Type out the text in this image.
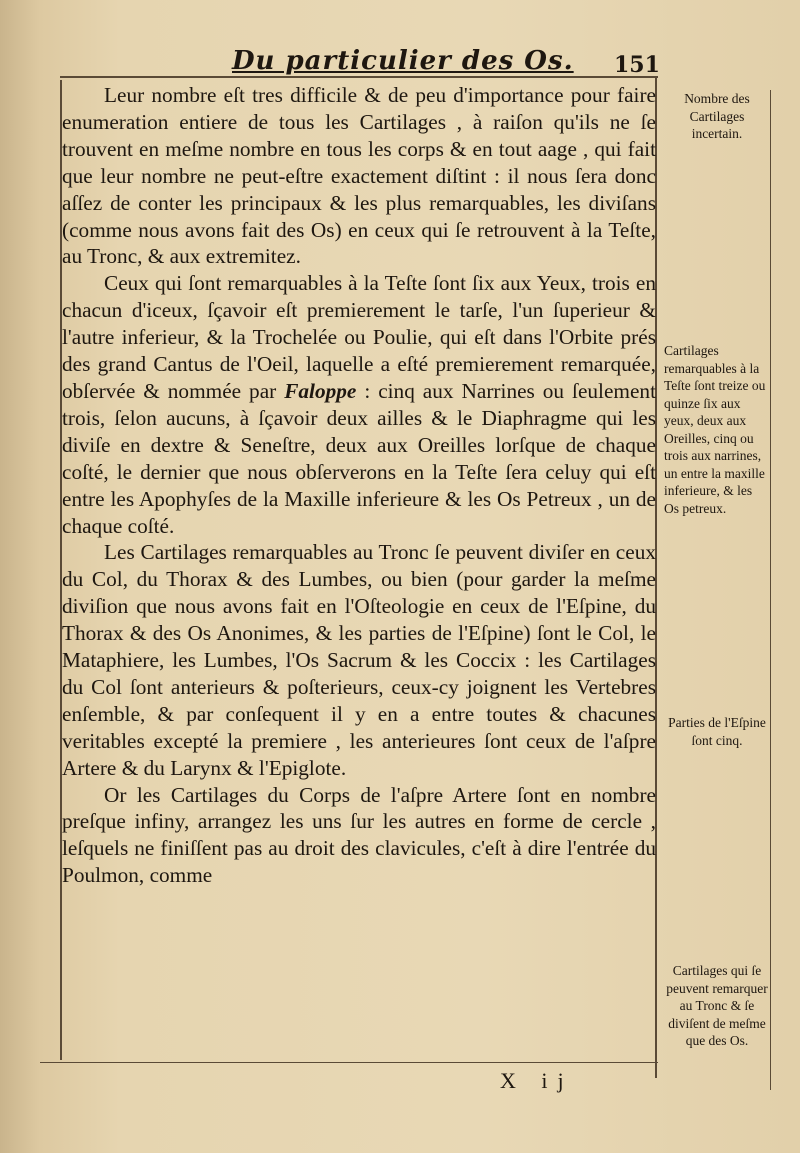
Du particulier des Os. 151

Leur nombre eſt tres difficile & de peu d'importance pour faire enumeration entiere de tous les Cartilages , à raiſon qu'ils ne ſe trouvent en meſme nombre en tous les corps & en tout aage , qui fait que leur nombre ne peut-eſtre exactement diſtint : il nous ſera donc aſſez de conter les principaux & les plus remarquables, les diviſans (comme nous avons fait des Os) en ceux qui ſe retrouvent à la Teſte, au Tronc, & aux extremitez.

Ceux qui ſont remarquables à la Teſte ſont ſix aux Yeux, trois en chacun d'iceux, ſçavoir eſt premierement le tarſe, l'un ſuperieur & l'autre inferieur, & la Trochelée ou Poulie, qui eſt dans l'Orbite prés des grand Cantus de l'Oeil, laquelle a eſté premierement remarquée, obſervée & nommée par Faloppe : cinq aux Narrines ou ſeulement trois, ſelon aucuns, à ſçavoir deux ailles & le Diaphragme qui les diviſe en dextre & Seneſtre, deux aux Oreilles lorſque de chaque coſté, le dernier que nous obſerverons en la Teſte ſera celuy qui eſt entre les Apophyſes de la Maxille inferieure & les Os Petreux , un de chaque coſté.

Les Cartilages remarquables au Tronc ſe peuvent diviſer en ceux du Col, du Thorax & des Lumbes, ou bien (pour garder la meſme diviſion que nous avons fait en l'Oſteologie en ceux de l'Eſpine, du Thorax & des Os Anonimes, & les parties de l'Eſpine) ſont le Col, le Mataphiere, les Lumbes, l'Os Sacrum & les Coccix : les Cartilages du Col ſont anterieurs & poſterieurs, ceux-cy joignent les Vertebres enſemble, & par conſequent il y en a entre toutes & chacunes veritables excepté la premiere , les anterieures ſont ceux de l'aſpre Artere & du Larynx & l'Epiglote.

Or les Cartilages du Corps de l'aſpre Artere ſont en nombre preſque infiny, arrangez les uns ſur les autres en forme de cercle , leſquels ne finiſſent pas au droit des clavicules, c'eſt à dire l'entrée du Poulmon, comme

X ij
Nombre des Cartilages incertain.
Cartilages remarquables à la Teſte ſont treize ou quinze ſix aux yeux, deux aux Oreilles, cinq ou trois aux narrines, un entre la maxille inferieure, & les Os petreux.
Parties de l'Eſpine ſont cinq.
Cartilages qui ſe peuvent remarquer au Tronc & ſe diviſent de meſme que des Os.
